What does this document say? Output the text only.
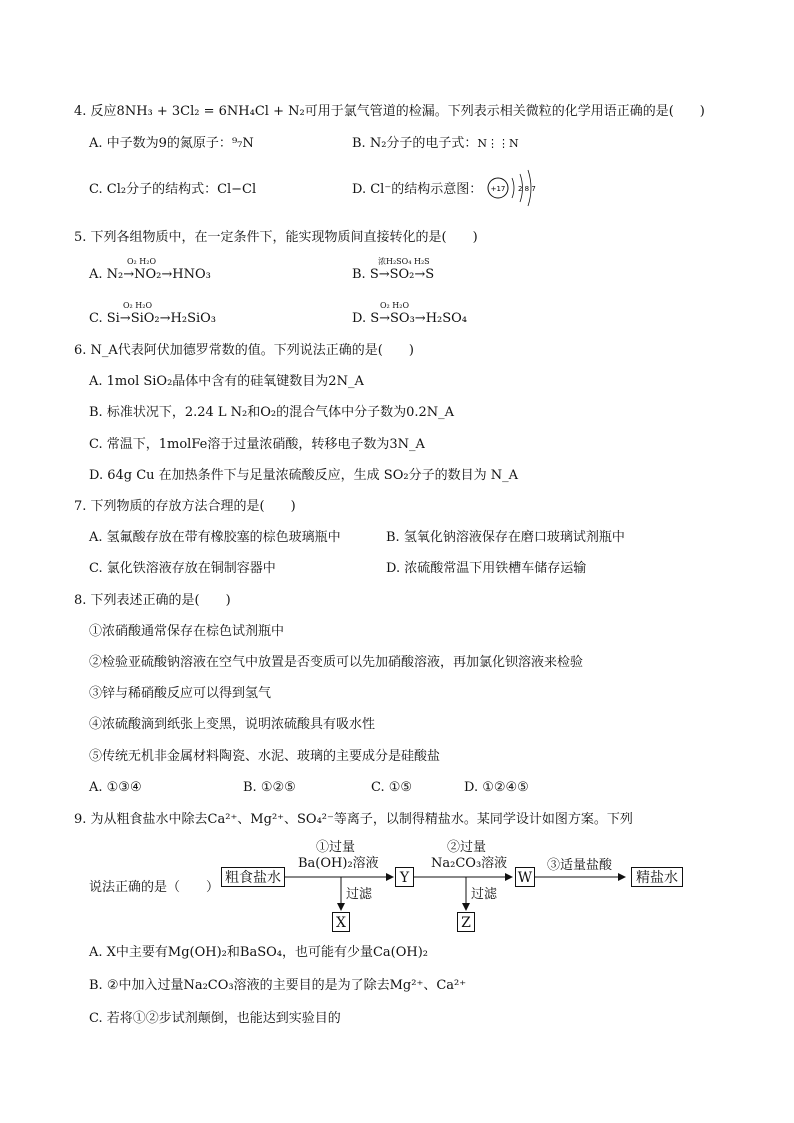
4. 反应8NH₃ + 3Cl₂ = 6NH₄Cl + N₂可用于氯气管道的检漏。下列表示相关微粒的化学用语正确的是(　　)
A. 中子数为9的氮原子：⁹₇N	B. N₂分子的电子式：N⋮⋮N
C. Cl₂分子的结构式：Cl−Cl	D. Cl⁻的结构示意图： +17 2 8 7
5. 下列各组物质中，在一定条件下，能实现物质间直接转化的是(　　)
O₂ H₂O
A. N₂→NO₂→HNO₃
浓H₂SO₄ H₂S
B. S→SO₂→S
O₂ H₂O
C. Si→SiO₂→H₂SiO₃
O₂ H₂O
D. S→SO₃→H₂SO₄
6. N_A代表阿伏加德罗常数的值。下列说法正确的是(　　)
A. 1mol SiO₂晶体中含有的硅氧键数目为2N_A
B. 标准状况下，2.24 L N₂和O₂的混合气体中分子数为0.2N_A
C. 常温下，1molFe溶于过量浓硝酸，转移电子数为3N_A
D. 64g Cu 在加热条件下与足量浓硫酸反应，生成 SO₂分子的数目为 N_A
7. 下列物质的存放方法合理的是(　　)
A. 氢氟酸存放在带有橡胶塞的棕色玻璃瓶中	B. 氢氧化钠溶液保存在磨口玻璃试剂瓶中
C. 氯化铁溶液存放在铜制容器中	D. 浓硫酸常温下用铁槽车储存运输
8. 下列表述正确的是(　　)
①浓硝酸通常保存在棕色试剂瓶中
②检验亚硫酸钠溶液在空气中放置是否变质可以先加硝酸溶液，再加氯化钡溶液来检验
③锌与稀硝酸反应可以得到氢气
④浓硫酸滴到纸张上变黑，说明浓硫酸具有吸水性
⑤传统无机非金属材料陶瓷、水泥、玻璃的主要成分是硅酸盐
A. ①③④	B. ①②⑤	C. ①⑤	D. ①②④⑤
9. 为从粗食盐水中除去Ca²⁺、Mg²⁺、SO₄²⁻等离子，以制得精盐水。某同学设计如图方案。下列
说法正确的是（　　）
粗食盐水	Y	W	精盐水
X	Z
①过量
Ba(OH)₂溶液
过滤
②过量
Na₂CO₃溶液
过滤
③适量盐酸
A. X中主要有Mg(OH)₂和BaSO₄，也可能有少量Ca(OH)₂
B. ②中加入过量Na₂CO₃溶液的主要目的是为了除去Mg²⁺、Ca²⁺
C. 若将①②步试剂颠倒，也能达到实验目的
